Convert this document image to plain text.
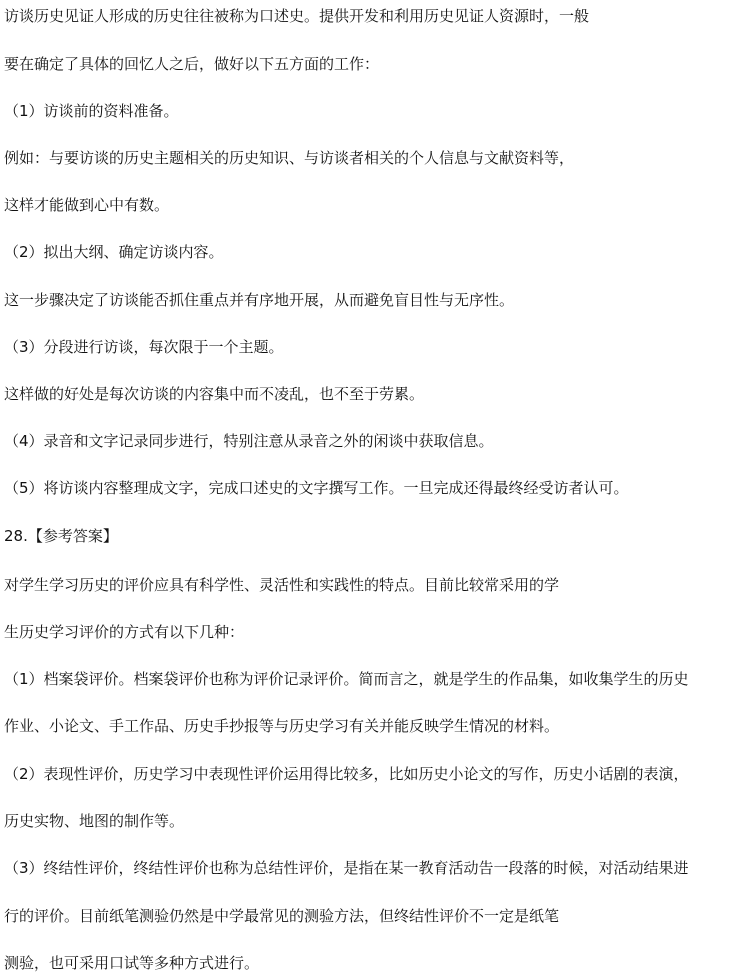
访谈历史见证人形成的历史往往被称为口述史。提供开发和利用历史见证人资源时，一般
要在确定了具体的回忆人之后，做好以下五方面的工作：
（1）访谈前的资料准备。
例如：与要访谈的历史主题相关的历史知识、与访谈者相关的个人信息与文献资料等，
这样才能做到心中有数。
（2）拟出大纲、确定访谈内容。
这一步骤决定了访谈能否抓住重点并有序地开展，从而避免盲目性与无序性。
（3）分段进行访谈，每次限于一个主题。
这样做的好处是每次访谈的内容集中而不凌乱，也不至于劳累。
（4）录音和文字记录同步进行，特别注意从录音之外的闲谈中获取信息。
（5）将访谈内容整理成文字，完成口述史的文字撰写工作。一旦完成还得最终经受访者认可。
28.【参考答案】
对学生学习历史的评价应具有科学性、灵活性和实践性的特点。目前比较常采用的学
生历史学习评价的方式有以下几种：
（1）档案袋评价。档案袋评价也称为评价记录评价。简而言之，就是学生的作品集，如收集学生的历史
作业、小论文、手工作品、历史手抄报等与历史学习有关并能反映学生情况的材料。
（2）表现性评价，历史学习中表现性评价运用得比较多，比如历史小论文的写作，历史小话剧的表演，
历史实物、地图的制作等。
（3）终结性评价，终结性评价也称为总结性评价，是指在某一教育活动告一段落的时候，对活动结果进
行的评价。目前纸笔测验仍然是中学最常见的测验方法，但终结性评价不一定是纸笔
测验，也可采用口试等多种方式进行。
